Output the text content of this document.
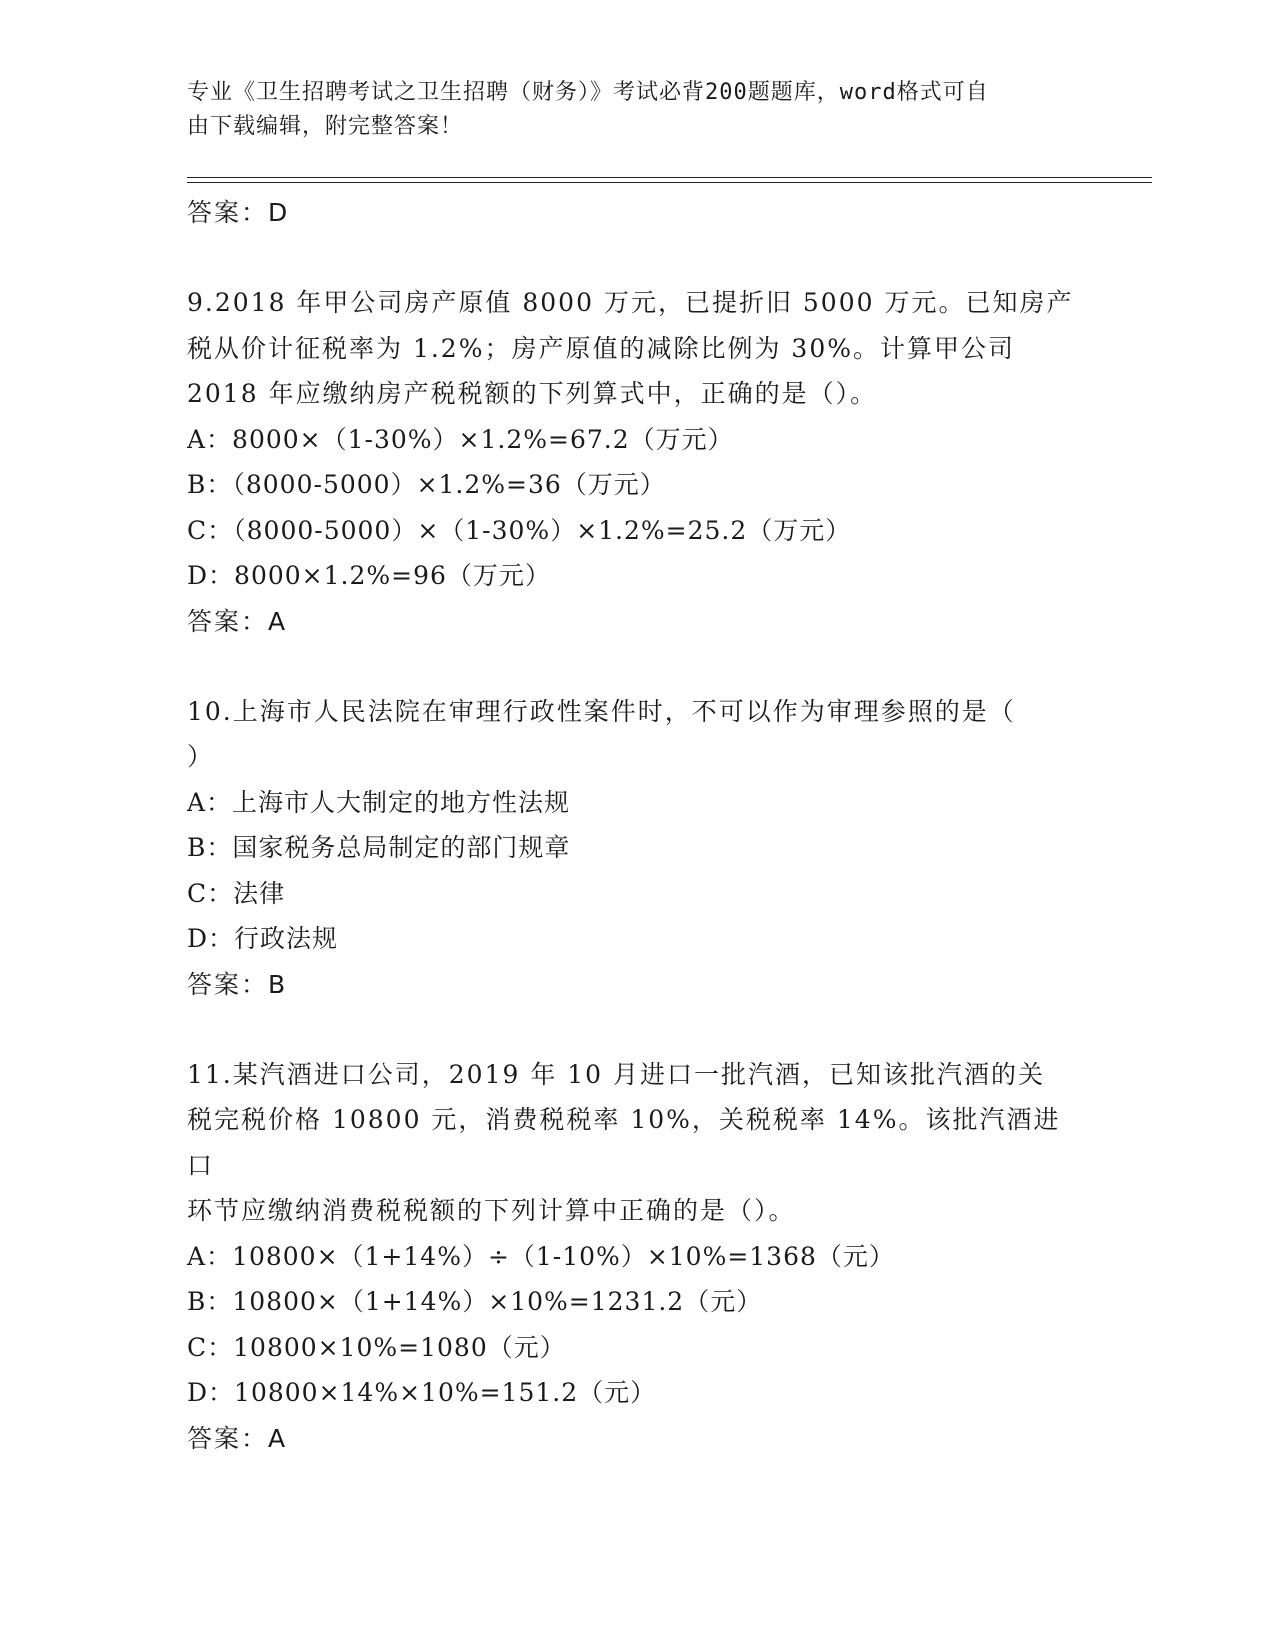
专业《卫生招聘考试之卫生招聘（财务）》考试必背200题题库，word格式可自
由下载编辑，附完整答案！
答案：D
9.2018 年甲公司房产原值 8000 万元，已提折旧 5000 万元。已知房产
税从价计征税率为 1.2%；房产原值的减除比例为 30%。计算甲公司
2018 年应缴纳房产税税额的下列算式中，正确的是（）。
A：8000×（1-30%）×1.2%=67.2（万元）
B：（8000-5000）×1.2%=36（万元）
C：（8000-5000）×（1-30%）×1.2%=25.2（万元）
D：8000×1.2%=96（万元）
答案：A
10.上海市人民法院在审理行政性案件时，不可以作为审理参照的是（
）
A：上海市人大制定的地方性法规
B：国家税务总局制定的部门规章
C：法律
D：行政法规
答案：B
11.某汽酒进口公司，2019 年 10 月进口一批汽酒，已知该批汽酒的关
税完税价格 10800 元，消费税税率 10%，关税税率 14%。该批汽酒进口
环节应缴纳消费税税额的下列计算中正确的是（）。
A：10800×（1+14%）÷（1-10%）×10%=1368（元）
B：10800×（1+14%）×10%=1231.2（元）
C：10800×10%=1080（元）
D：10800×14%×10%=151.2（元）
答案：A
